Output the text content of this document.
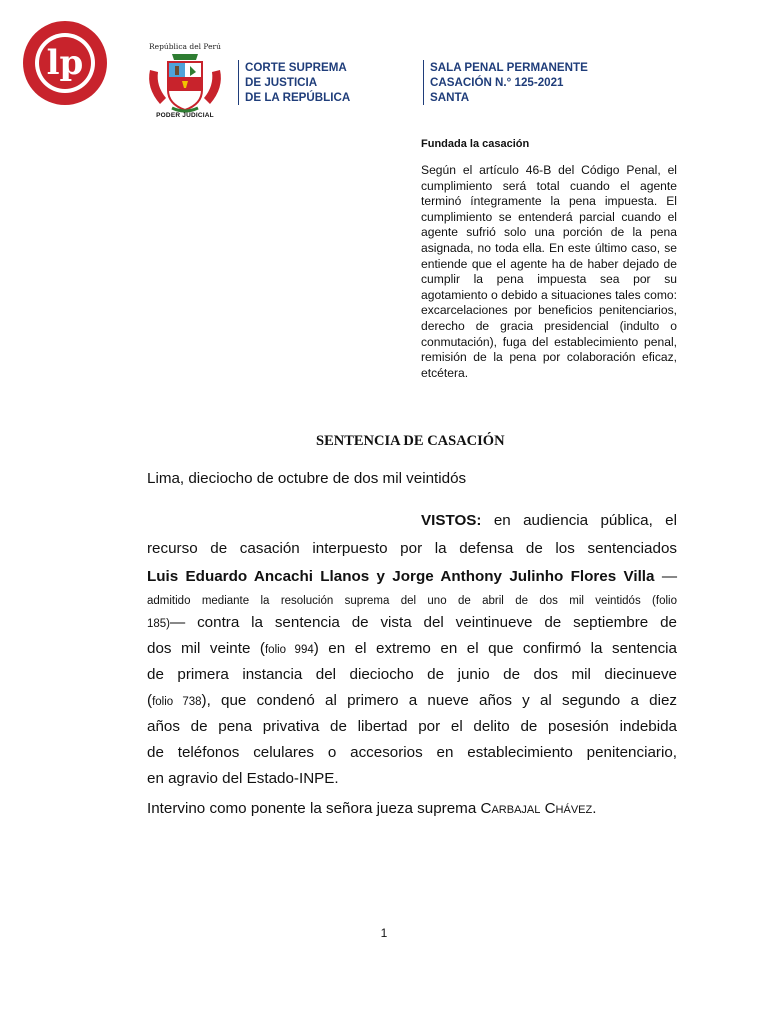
lp	República del Perú
PODER JUDICIAL
CORTE SUPREMA
DE JUSTICIA
DE LA REPÚBLICA
SALA PENAL PERMANENTE
CASACIÓN N.° 125-2021
SANTA
Fundada la casación
Según el artículo 46-B del Código Penal, el cumplimiento será total cuando el agente terminó íntegramente la pena impuesta. El cumplimiento se entenderá parcial cuando el agente sufrió solo una porción de la pena asignada, no toda ella. En este último caso, se entiende que el agente ha de haber dejado de cumplir la pena impuesta sea por su agotamiento o debido a situaciones tales como: excarcelaciones por beneficios penitenciarios, derecho de gracia presidencial (indulto o conmutación), fuga del establecimiento penal, remisión de la pena por colaboración eficaz, etcétera.
SENTENCIA DE CASACIÓN
Lima, dieciocho de octubre de dos mil veintidós
VISTOS: en audiencia pública, el
recurso de casación interpuesto por la defensa de los sentenciados
Luis Eduardo Ancachi Llanos y Jorge Anthony Julinho Flores Villa —
admitido mediante la resolución suprema del uno de abril de dos mil veintidós (folio
185)— contra la sentencia de vista del veintinueve de septiembre de
dos mil veinte (folio 994) en el extremo en el que confirmó la sentencia
de primera instancia del dieciocho de junio de dos mil diecinueve
(folio 738), que condenó al primero a nueve años y al segundo a diez
años de pena privativa de libertad por el delito de posesión indebida
de teléfonos celulares o accesorios en establecimiento penitenciario,
en agravio del Estado-INPE.
Intervino como ponente la señora jueza suprema Carbajal Chávez.
1
